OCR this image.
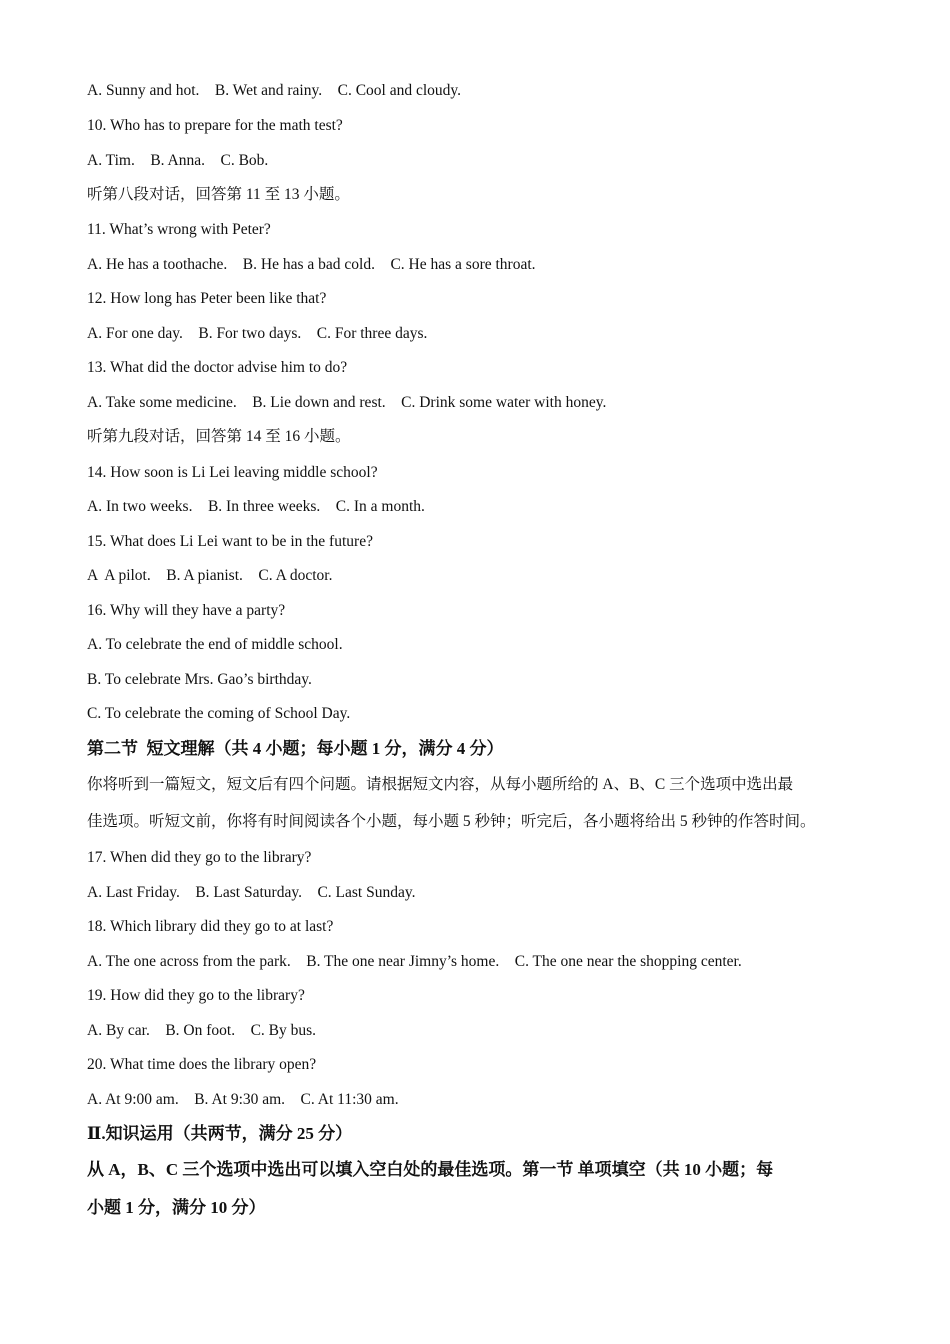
A. Sunny and hot.    B. Wet and rainy.    C. Cool and cloudy.
10. Who has to prepare for the math test?
A. Tim.    B. Anna.    C. Bob.
听第八段对话，回答第 11 至 13 小题。
11. What’s wrong with Peter?
A. He has a toothache.    B. He has a bad cold.    C. He has a sore throat.
12. How long has Peter been like that?
A. For one day.    B. For two days.    C. For three days.
13. What did the doctor advise him to do?
A. Take some medicine.    B. Lie down and rest.    C. Drink some water with honey.
听第九段对话，回答第 14 至 16 小题。
14. How soon is Li Lei leaving middle school?
A. In two weeks.    B. In three weeks.    C. In a month.
15. What does Li Lei want to be in the future?
A  A pilot.    B. A pianist.    C. A doctor.
16. Why will they have a party?
A. To celebrate the end of middle school.
B. To celebrate Mrs. Gao’s birthday.
C. To celebrate the coming of School Day.
第二节  短文理解（共 4 小题；每小题 1 分，满分 4 分）
你将听到一篇短文，短文后有四个问题。请根据短文内容，从每小题所给的 A、B、C 三个选项中选出最
佳选项。听短文前，你将有时间阅读各个小题，每小题 5 秒钟；听完后，各小题将给出 5 秒钟的作答时间。
17. When did they go to the library?
A. Last Friday.    B. Last Saturday.    C. Last Sunday.
18. Which library did they go to at last?
A. The one across from the park.    B. The one near Jimny’s home.    C. The one near the shopping center.
19. How did they go to the library?
A. By car.    B. On foot.    C. By bus.
20. What time does the library open?
A. At 9:00 am.    B. At 9:30 am.    C. At 11:30 am.
Ⅱ.知识运用（共两节，满分 25 分）
从 A，B、C 三个选项中选出可以填入空白处的最佳选项。第一节 单项填空（共 10 小题；每
小题 1 分，满分 10 分）
